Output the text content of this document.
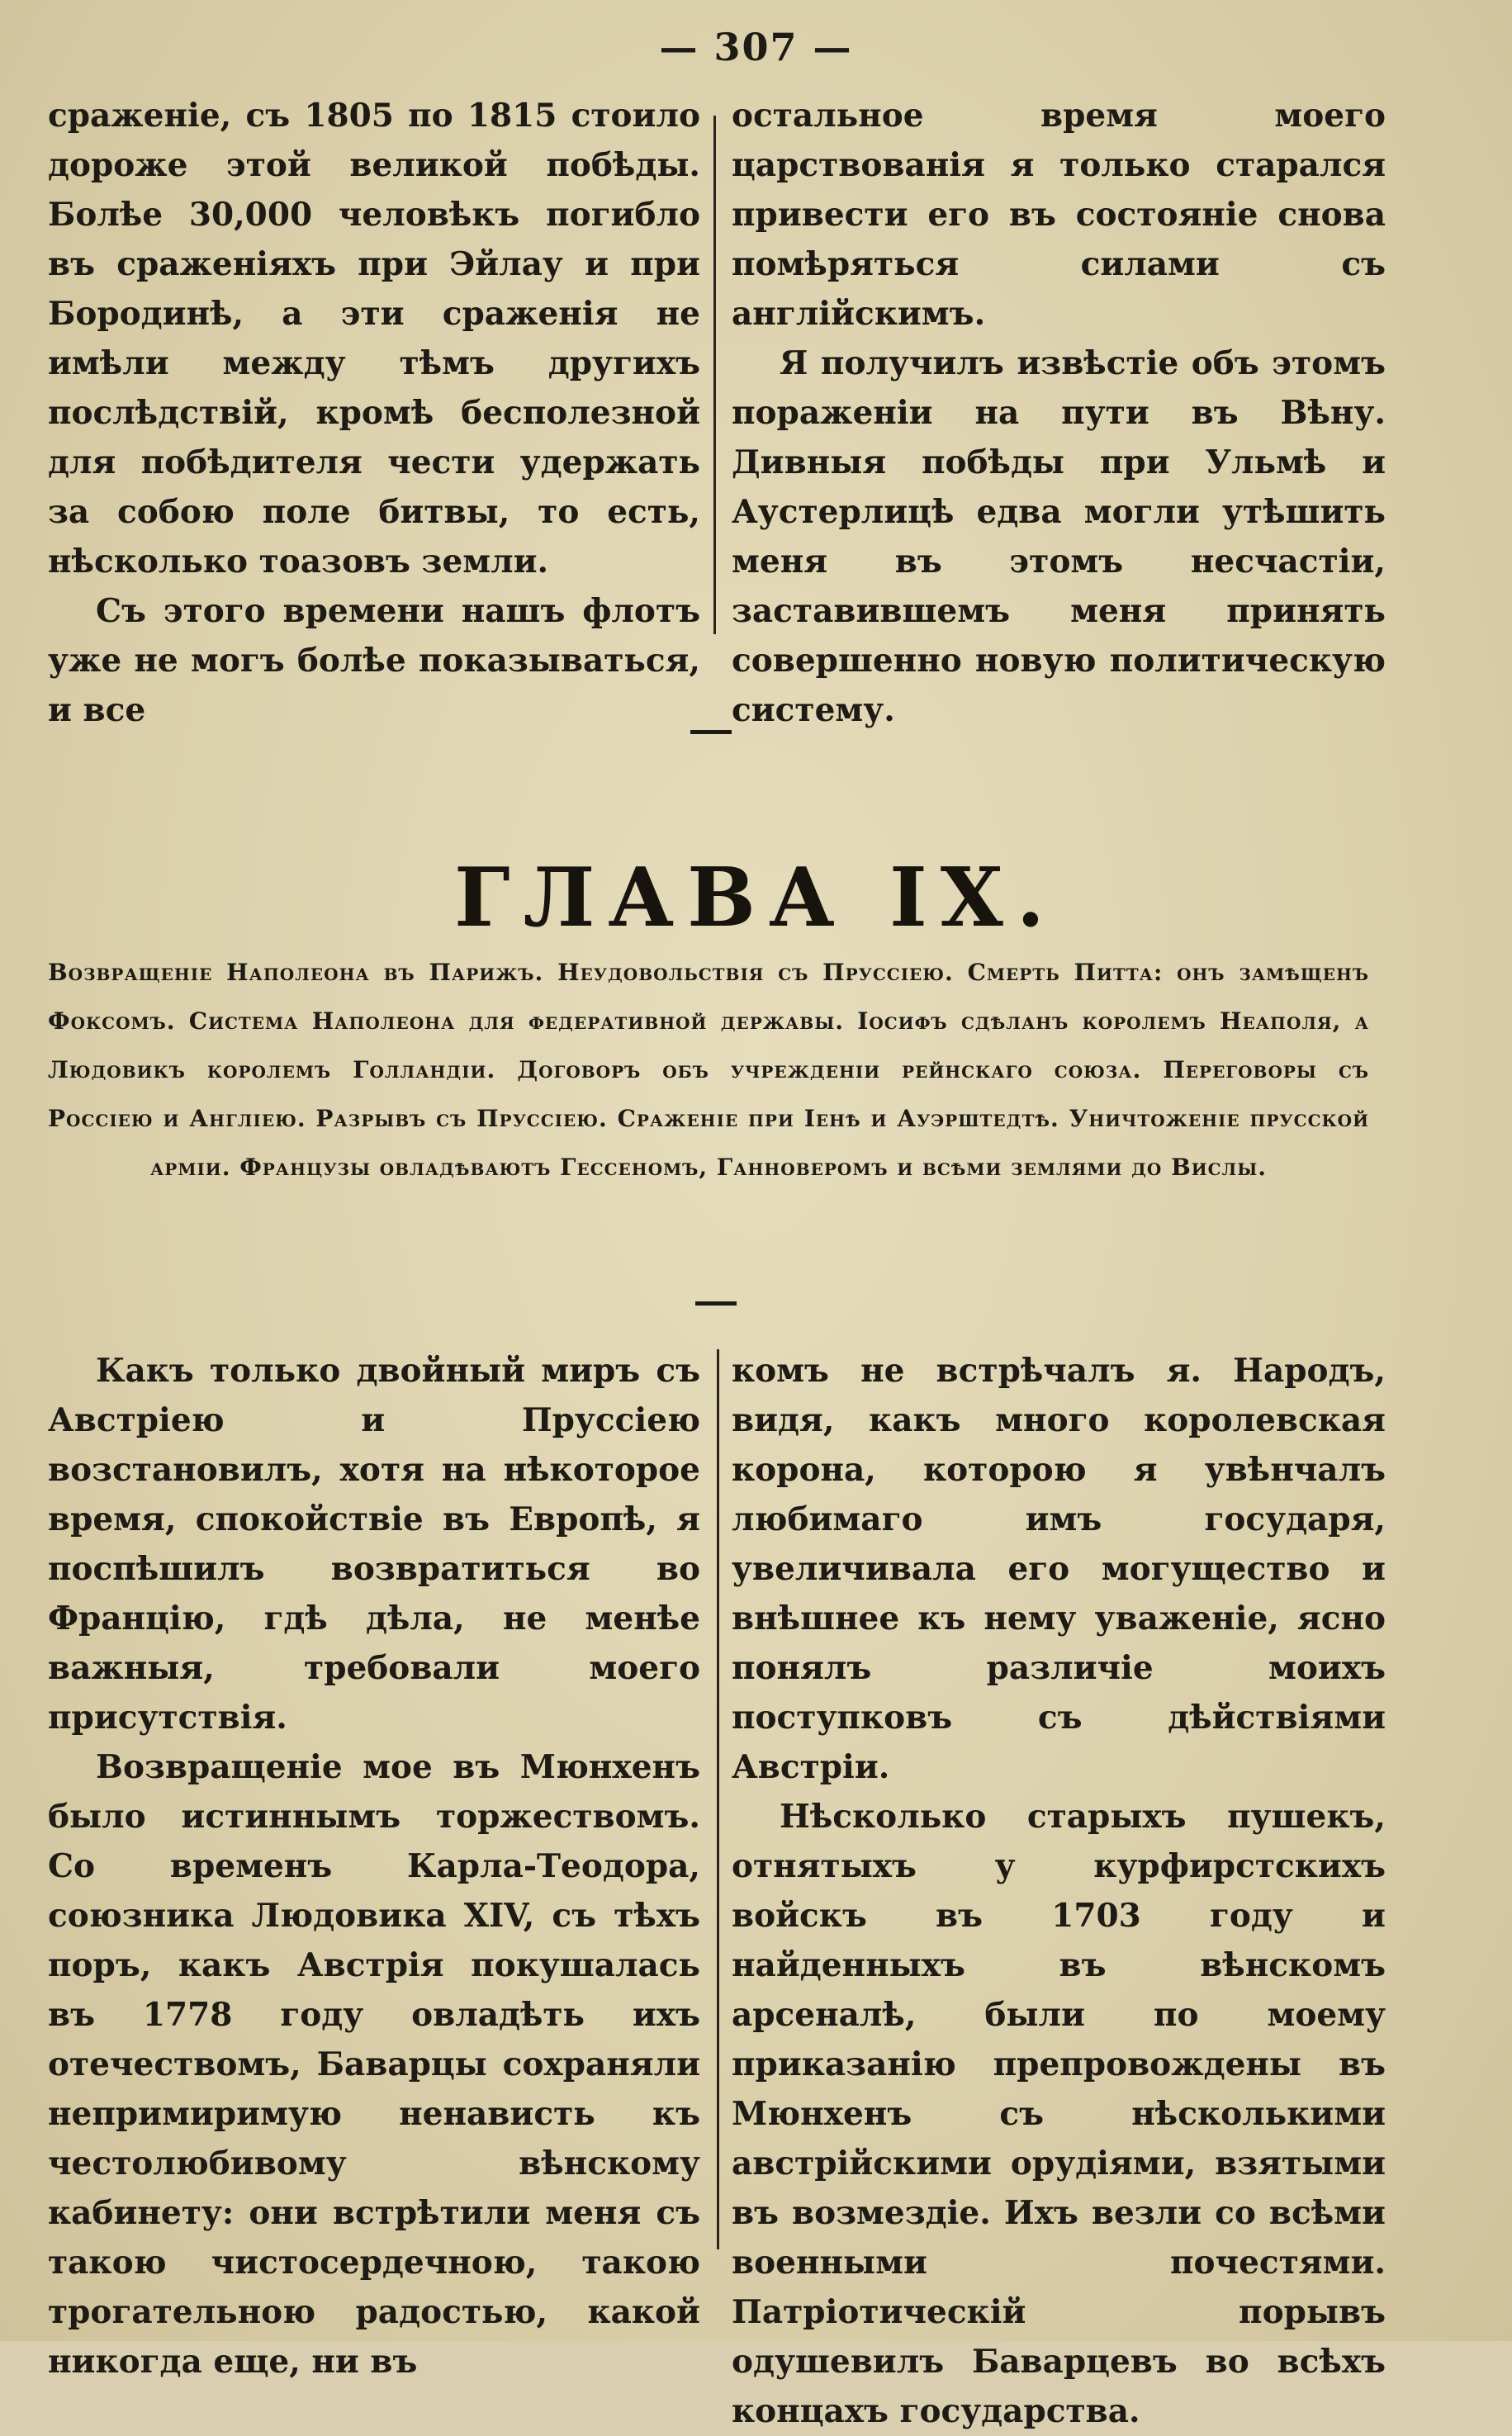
— 307 —

сраженіе, съ 1805 по 1815 стоило дороже этой великой побѣды. Болѣе 30,000 человѣкъ погибло въ сраженіяхъ при Эйлау и при Бородинѣ, а эти сраженія не имѣли между тѣмъ другихъ послѣдствій, кромѣ бесполезной для побѣдителя чести удержать за собою поле битвы, то есть, нѣсколько тоазовъ земли.

Съ этого времени нашъ флотъ уже не могъ болѣе показываться, и все

остальное время моего царствованія я только старался привести его въ состояніе снова помѣряться силами съ англійскимъ.

Я получилъ извѣстіе объ этомъ пораженіи на пути въ Вѣну. Дивныя побѣды при Ульмѣ и Аустерлицѣ едва могли утѣшить меня въ этомъ несчастіи, заставившемъ меня принять совершенно новую политическую систему.

ГЛАВА IX.
Возвращеніе Наполеона въ Парижъ. Неудовольствія съ Пруссіею. Смерть Питта: онъ замѣщенъ Фоксомъ. Система Наполеона для федеративной державы. Іосифъ сдѣланъ королемъ Неаполя, а Людовикъ королемъ Голландіи. Договоръ объ учрежденіи рейнскаго союза. Переговоры съ Россіею и Англіею. Разрывъ съ Пруссіею. Сраженіе при Іенѣ и Ауэрштедтѣ. Уничтоженіе прусской арміи. Французы овладѣваютъ Гессеномъ, Ганноверомъ и всѣми землями до Вислы.

Какъ только двойный миръ съ Австріею и Пруссіею возстановилъ, хотя на нѣкоторое время, спокойствіе въ Европѣ, я поспѣшилъ возвратиться во Францію, гдѣ дѣла, не менѣе важныя, требовали моего присутствія.

Возвращеніе мое въ Мюнхенъ было истиннымъ торжествомъ. Со временъ Карла-Теодора, союзника Людовика XIV, съ тѣхъ поръ, какъ Австрія покушалась въ 1778 году овладѣть ихъ отечествомъ, Баварцы сохраняли непримиримую ненависть къ честолюбивому вѣнскому кабинету: они встрѣтили меня съ такою чистосердечною, такою трогательною радостью, какой никогда еще, ни въ

комъ не встрѣчалъ я. Народъ, видя, какъ много королевская корона, которою я увѣнчалъ любимаго имъ государя, увеличивала его могущество и внѣшнее къ нему уваженіе, ясно понялъ различіе моихъ поступковъ съ дѣйствіями Австріи.

Нѣсколько старыхъ пушекъ, отнятыхъ у курфирстскихъ войскъ въ 1703 году и найденныхъ въ вѣнскомъ арсеналѣ, были по моему приказанію препровождены въ Мюнхенъ съ нѣсколькими австрійскими орудіями, взятыми въ возмездіе. Ихъ везли со всѣми военными почестями. Патріотическій порывъ одушевилъ Баварцевъ во всѣхъ концахъ государства.
